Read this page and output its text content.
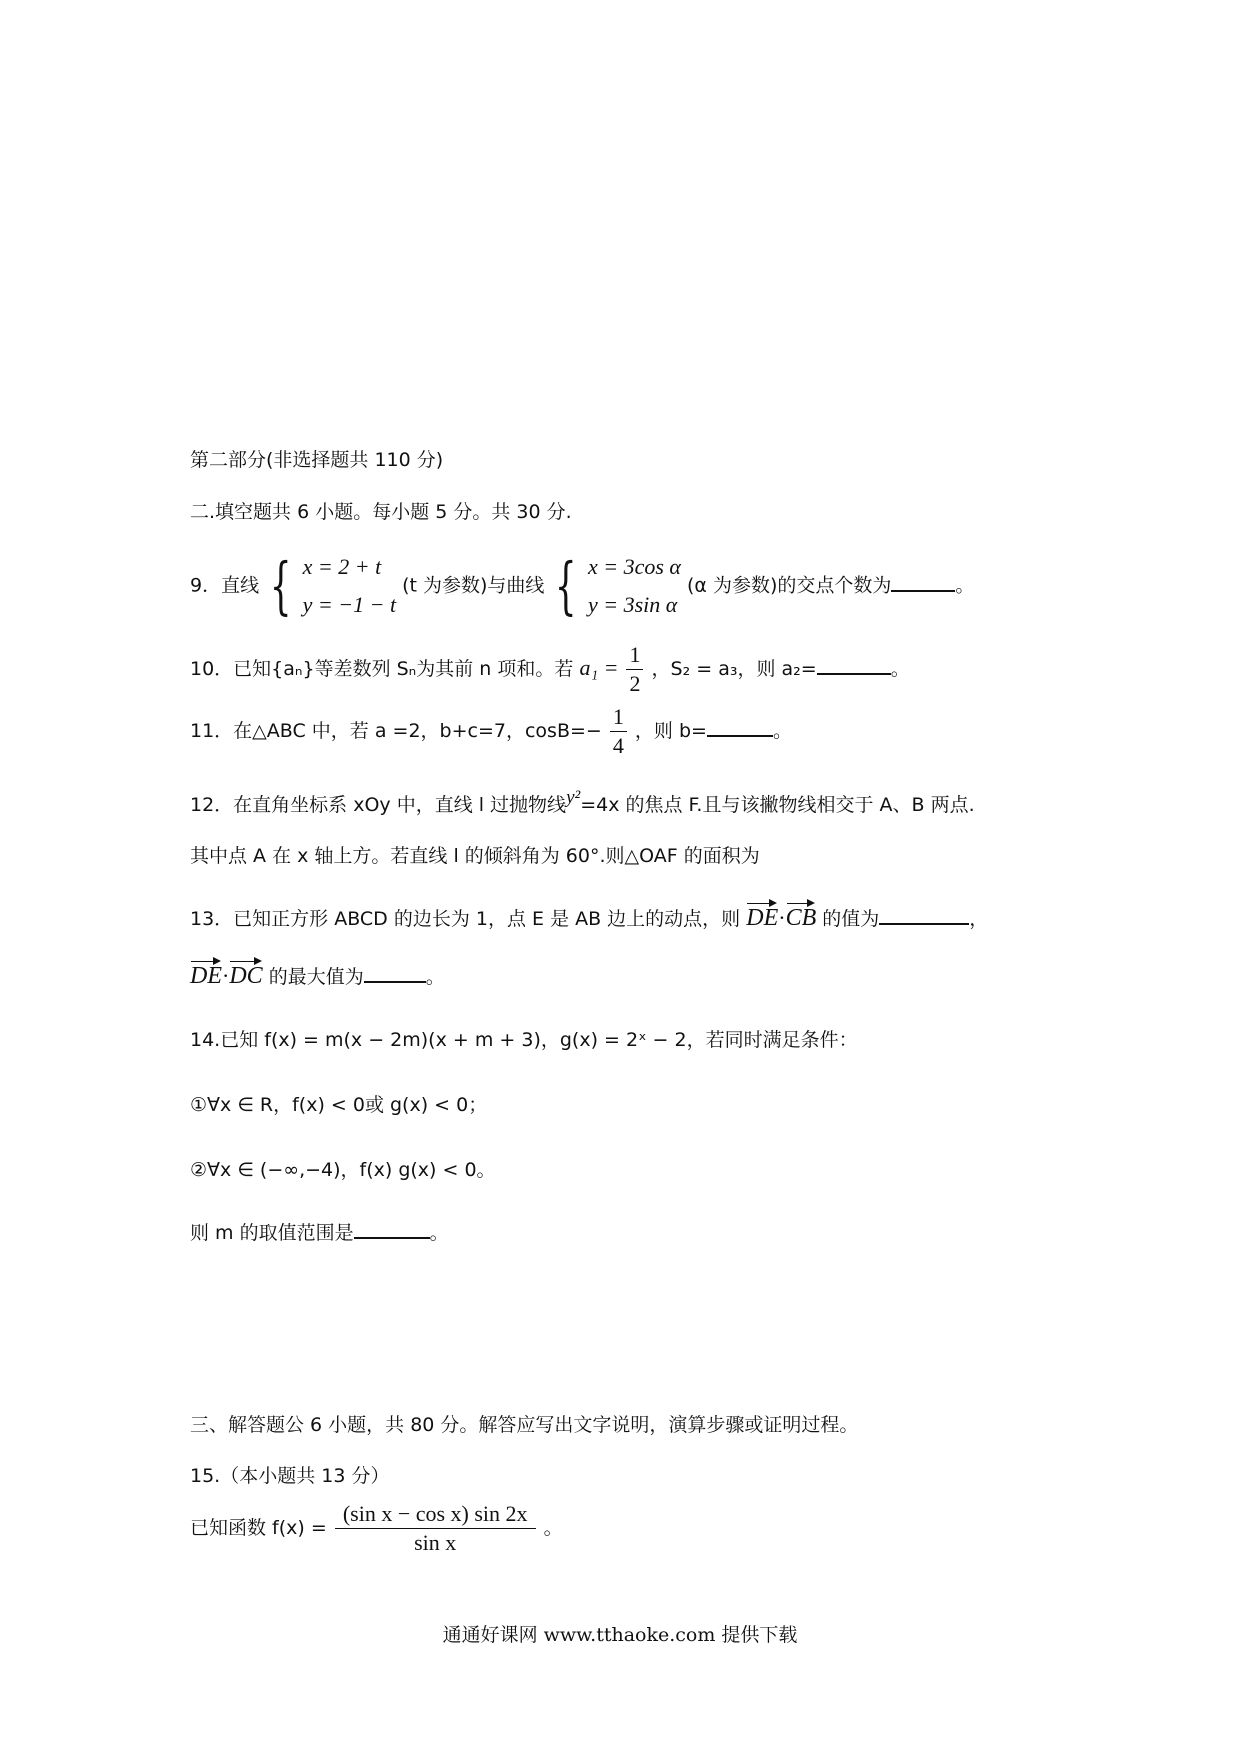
第二部分(非选择题共 110 分)
二.填空题共 6 小题。每小题 5 分。共 30 分.
9．直线 { x = 2 + t
y = −1 − t
(t 为参数)与曲线 { x = 3cos α
y = 3sin α
(α 为参数)的交点个数为	。
10．已知{aₙ}等差数列 Sₙ为其前 n 项和。若 $a_1 = \frac{1}{2}$ ，S₂ = a₃，则 a₂=	。
11．在△ABC 中，若 a =2，b+c=7，$\cos B=- \frac{1}{4}$ ，则 b=	。
12．在直角坐标系 xOy 中，直线 l 过抛物线y²=4x 的焦点 F.且与该撇物线相交于 A、B 两点.
其中点 A 在 x 轴上方。若直线 l 的倾斜角为 60°.则△OAF 的面积为
13．已知正方形 ABCD 的边长为 1，点 E 是 AB 边上的动点，则 DE·CB 的值为	，
DE·DC 的最大值为	。
14.已知 f(x) = m(x − 2m)(x + m + 3)，g(x) = 2ˣ − 2，若同时满足条件：
①∀x ∈ R，f(x) < 0或 g(x) < 0；
②∀x ∈ (−∞,−4)，f(x) g(x) < 0。
则 m 的取值范围是	。
三、解答题公 6 小题，共 80 分。解答应写出文字说明，演算步骤或证明过程。
15.（本小题共 13 分）
已知函数 $f(x) = \frac{\text{(sin x − cos x) sin 2x}}{\text{sin x}}$ 。
通通好课网 www.tthaoke.com 提供下载
